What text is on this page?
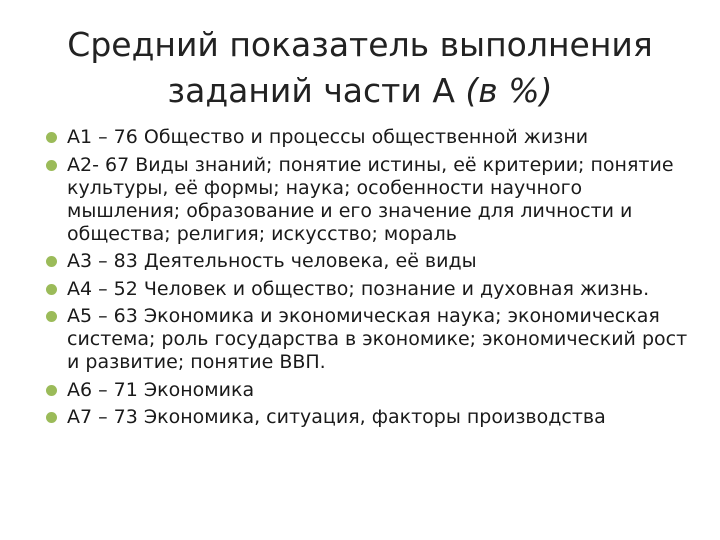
Средний показатель выполнения
заданий части А (в %)
А1 – 76 Общество и процессы общественной жизни
А2- 67 Виды знаний; понятие истины, её критерии; понятие культуры, её формы; наука; особенности научного мышления; образование и его значение для личности и общества; религия; искусство; мораль
А3 – 83 Деятельность человека, её виды
А4 – 52 Человек и общество; познание и духовная жизнь.
А5 – 63 Экономика и экономическая наука; экономическая система; роль государства в экономике; экономический рост и развитие; понятие ВВП.
А6 – 71 Экономика
А7 – 73 Экономика, ситуация, факторы производства
